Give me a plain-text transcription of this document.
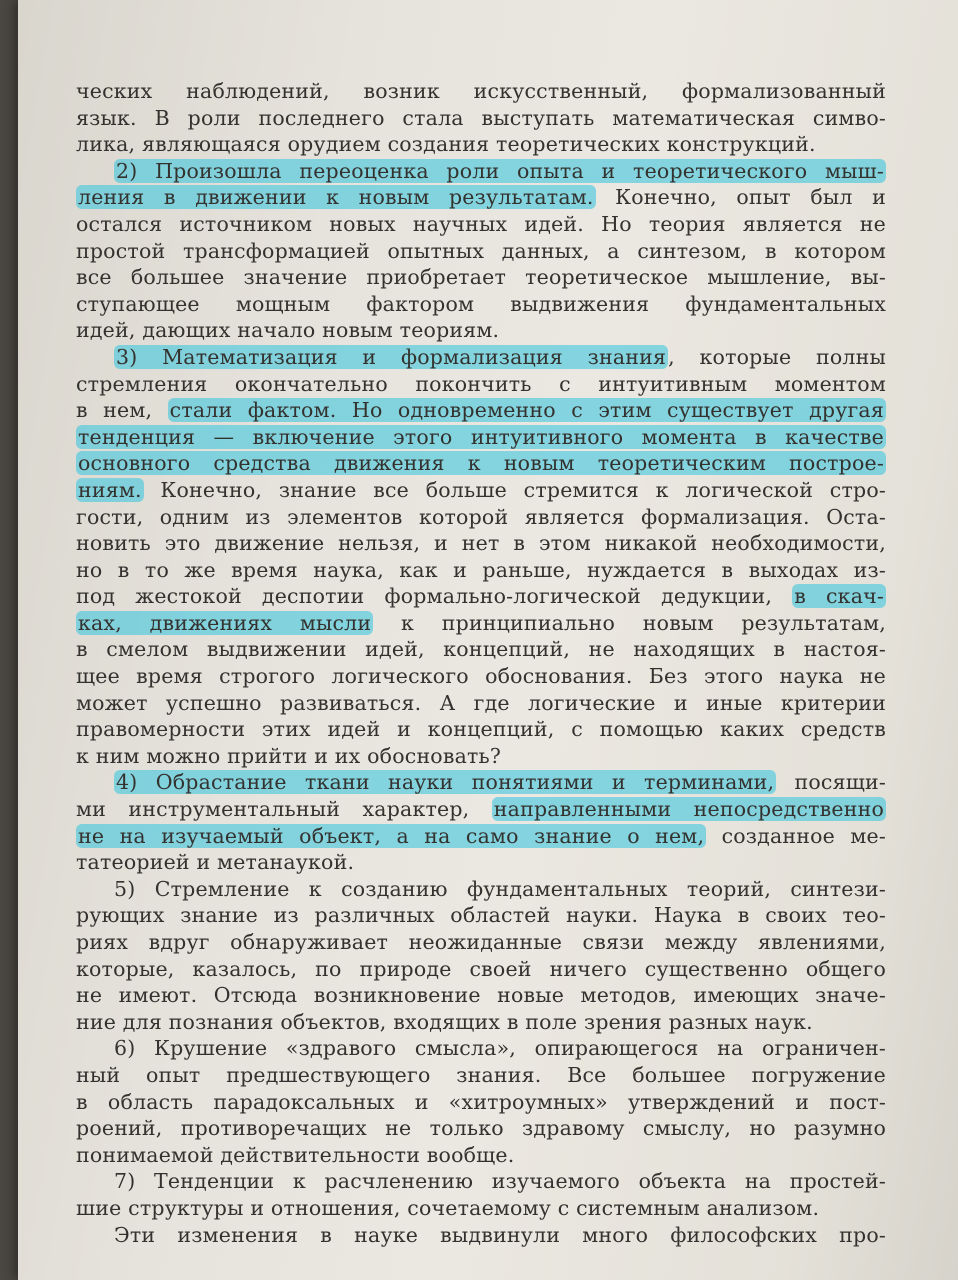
ческих наблюдений, возник искусственный, формализованный
язык. В роли последнего стала выступать математическая симво-
лика, являющаяся орудием создания теоретических конструкций.
2) Произошла переоценка роли опыта и теоретического мыш-
ления в движении к новым результатам. Конечно, опыт был и
остался источником новых научных идей. Но теория является не
простой трансформацией опытных данных, а синтезом, в котором
все большее значение приобретает теоретическое мышление, вы-
ступающее мощным фактором выдвижения фундаментальных
идей, дающих начало новым теориям.
3) Математизация и формализация знания, которые полны
стремления окончательно покончить с интуитивным моментом
в нем, стали фактом. Но одновременно с этим существует другая
тенденция — включение этого интуитивного момента в качестве
основного средства движения к новым теоретическим построе-
ниям. Конечно, знание все больше стремится к логической стро-
гости, одним из элементов которой является формализация. Оста-
новить это движение нельзя, и нет в этом никакой необходимости,
но в то же время наука, как и раньше, нуждается в выходах из-
под жестокой деспотии формально-логической дедукции, в скач-
ках, движениях мысли к принципиально новым результатам,
в смелом выдвижении идей, концепций, не находящих в настоя-
щее время строгого логического обоснования. Без этого наука не
может успешно развиваться. А где логические и иные критерии
правомерности этих идей и концепций, с помощью каких средств
к ним можно прийти и их обосновать?
4) Обрастание ткани науки понятиями и терминами, посящи-
ми инструментальный характер, направленными непосредственно
не на изучаемый объект, а на само знание о нем, созданное ме-
татеорией и метанаукой.
5) Стремление к созданию фундаментальных теорий, синтези-
рующих знание из различных областей науки. Наука в своих тео-
риях вдруг обнаруживает неожиданные связи между явлениями,
которые, казалось, по природе своей ничего существенно общего
не имеют. Отсюда возникновение новые методов, имеющих значе-
ние для познания объектов, входящих в поле зрения разных наук.
6) Крушение «здравого смысла», опирающегося на ограничен-
ный опыт предшествующего знания. Все большее погружение
в область парадоксальных и «хитроумных» утверждений и пост-
роений, противоречащих не только здравому смыслу, но разумно
понимаемой действительности вообще.
7) Тенденции к расчленению изучаемого объекта на простей-
шие структуры и отношения, сочетаемому с системным анализом.
Эти изменения в науке выдвинули много философских про-
